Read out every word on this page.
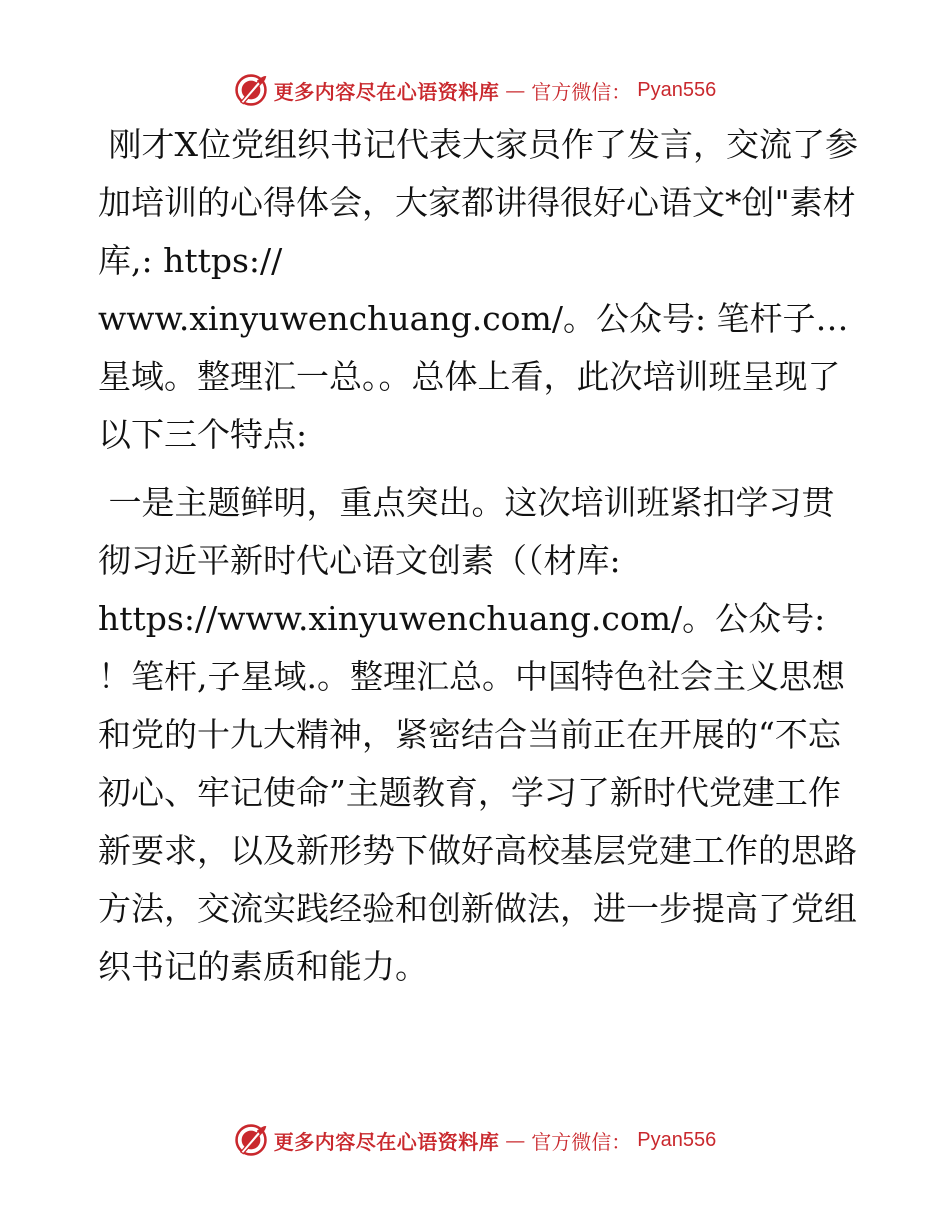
更多内容尽在心语资料库 — 官方微信： Pyan556

刚才X位党组织书记代表大家员作了发言，交流了参加培训的心得体会，大家都讲得很好心语文*创"素材库,: https://
www.xinyuwenchuang.com/。公众号: 笔杆子…星域。整理汇一总。。总体上看，此次培训班呈现了以下三个特点:

一是主题鲜明，重点突出。这次培训班紧扣学习贯彻习近平新时代心语文创素（（材库:
https://www.xinyuwenchuang.com/。公众号: ！笔杆,子星域.。整理汇总。中国特色社会主义思想和党的十九大精神，紧密结合当前正在开展的“不忘初心、牢记使命”主题教育，学习了新时代党建工作新要求，以及新形势下做好高校基层党建工作的思路方法，交流实践经验和创新做法，进一步提高了党组织书记的素质和能力。

更多内容尽在心语资料库 — 官方微信： Pyan556
